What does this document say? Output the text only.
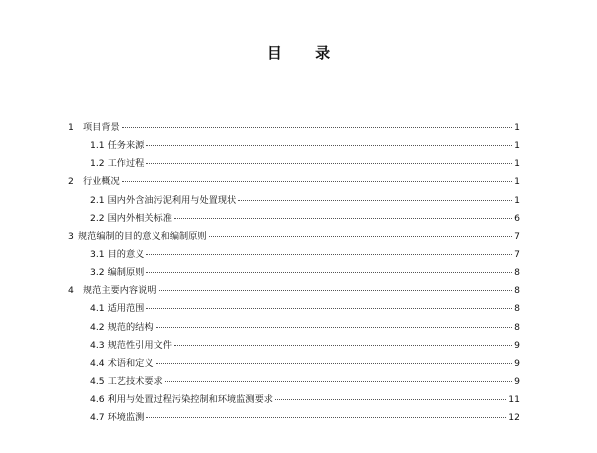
目 录
1 项目背景	1
1.1 任务来源	1
1.2 工作过程	1
2 行业概况	1
2.1 国内外含油污泥利用与处置现状	1
2.2 国内外相关标准	6
3 规范编制的目的意义和编制原则	7
3.1 目的意义	7
3.2 编制原则	8
4 规范主要内容说明	8
4.1 适用范围	8
4.2 规范的结构	8
4.3 规范性引用文件	9
4.4 术语和定义	9
4.5 工艺技术要求	9
4.6 利用与处置过程污染控制和环境监测要求	11
4.7 环境监测	12
